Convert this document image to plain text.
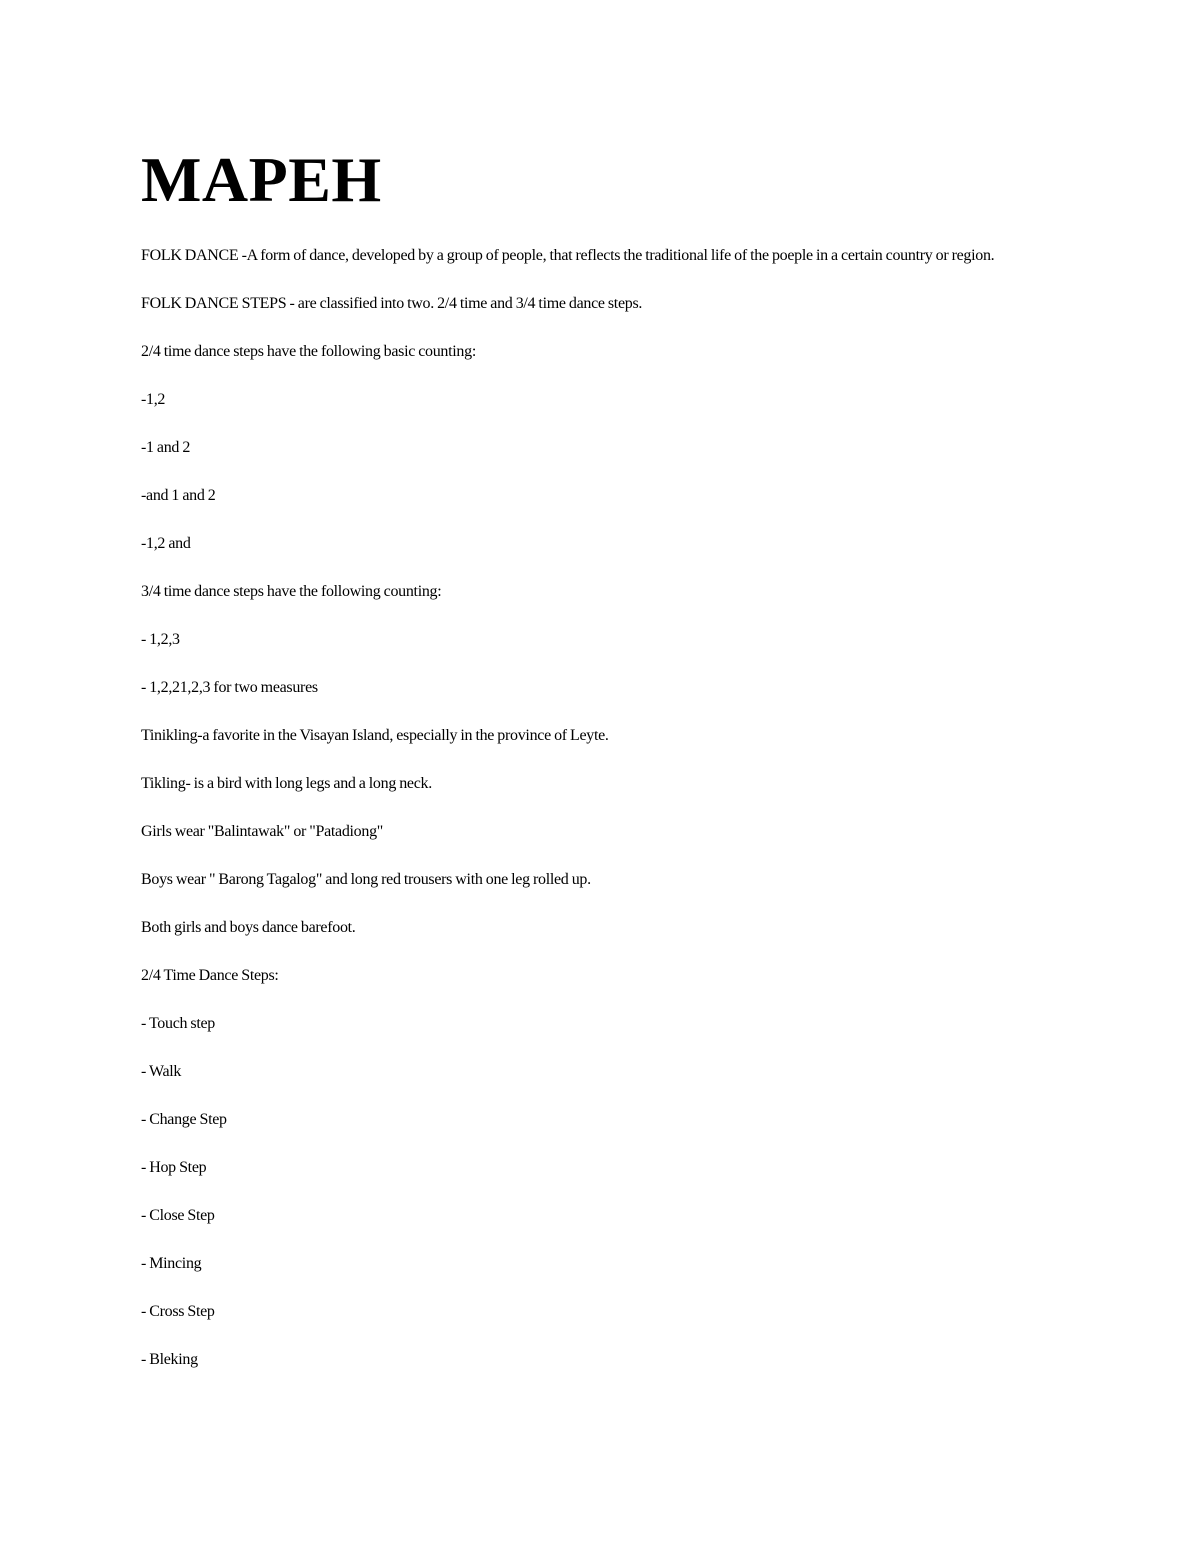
MAPEH

FOLK DANCE -A form of dance, developed by a group of people, that reflects the traditional life of the poeple in a certain country or region.

FOLK DANCE STEPS - are classified into two. 2/4 time and 3/4 time dance steps.

2/4 time dance steps have the following basic counting:

-1,2

-1 and 2

-and 1 and 2

-1,2 and

3/4 time dance steps have the following counting:

- 1,2,3

- 1,2,21,2,3 for two measures

Tinikling-a favorite in the Visayan Island, especially in the province of Leyte.

Tikling- is a bird with long legs and a long neck.

Girls wear "Balintawak" or "Patadiong"

Boys wear " Barong Tagalog" and long red trousers with one leg rolled up.

Both girls and boys dance barefoot.

2/4 Time Dance Steps:

- Touch step

- Walk

- Change Step

- Hop Step

- Close Step

- Mincing

- Cross Step

- Bleking
